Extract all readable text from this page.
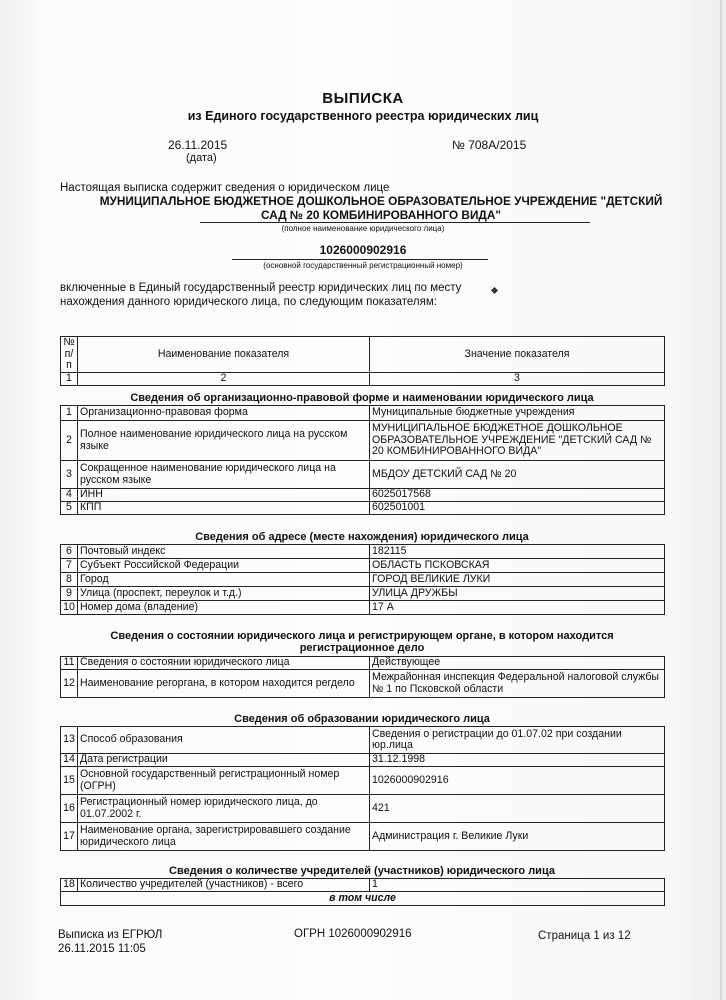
ВЫПИСКА
из Единого государственного реестра юридических лиц
26.11.2015
(дата)
№ 708А/2015
Настоящая выписка содержит сведения о юридическом лице
МУНИЦИПАЛЬНОЕ БЮДЖЕТНОЕ ДОШКОЛЬНОЕ ОБРАЗОВАТЕЛЬНОЕ УЧРЕЖДЕНИЕ "ДЕТСКИЙ САД № 20 КОМБИНИРОВАННОГО ВИДА"
(полное наименование юридического лица)
1026000902916
(основной государственный регистрационный номер)
включенные в Единый государственный реестр юридических лиц по месту
нахождения данного юридического лица, по следующим показателям:
№ п/п	Наименование показателя	Значение показателя
1	2	3
Сведения об организационно-правовой форме и наименовании юридического лица
1	Организационно-правовая форма	Муниципальные бюджетные учреждения
2	Полное наименование юридического лица на русском языке	МУНИЦИПАЛЬНОЕ БЮДЖЕТНОЕ ДОШКОЛЬНОЕ ОБРАЗОВАТЕЛЬНОЕ УЧРЕЖДЕНИЕ "ДЕТСКИЙ САД № 20 КОМБИНИРОВАННОГО ВИДА"
3	Сокращенное наименование юридического лица на русском языке	МБДОУ ДЕТСКИЙ САД № 20
4	ИНН	6025017568
5	КПП	602501001
Сведения об адресе (месте нахождения) юридического лица
6	Почтовый индекс	182115
7	Субъект Российской Федерации	ОБЛАСТЬ ПСКОВСКАЯ
8	Город	ГОРОД ВЕЛИКИЕ ЛУКИ
9	Улица (проспект, переулок и т.д.)	УЛИЦА ДРУЖБЫ
10	Номер дома (владение)	17 А
Сведения о состоянии юридического лица и регистрирующем органе, в котором находится регистрационное дело
11	Сведения о состоянии юридического лица	Действующее
12	Наименование регоргана, в котором находится регдело	Межрайонная инспекция Федеральной налоговой службы № 1 по Псковской области
Сведения об образовании юридического лица
13	Способ образования	Сведения о регистрации до 01.07.02 при создании юр.лица
14	Дата регистрации	31.12.1998
15	Основной государственный регистрационный номер (ОГРН)	1026000902916
16	Регистрационный номер юридического лица, до 01.07.2002 г.	421
17	Наименование органа, зарегистрировавшего создание юридического лица	Администрация г. Великие Луки
Сведения о количестве учредителей (участников) юридического лица
18	Количество учредителей (участников) - всего	1
в том числе
Выписка из ЕГРЮЛ
26.11.2015 11:05
ОГРН 1026000902916	Страница 1 из 12
